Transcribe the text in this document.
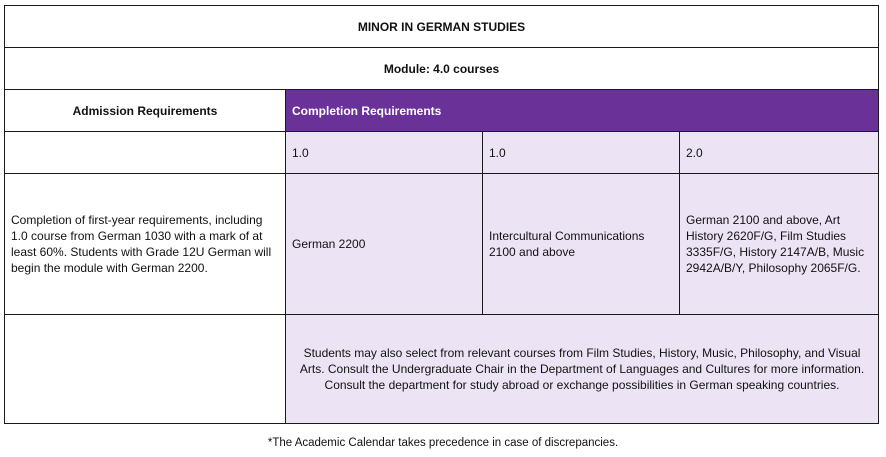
MINOR IN GERMAN STUDIES			
Module: 4.0 courses			
Admission Requirements	Completion Requirements		
	1.0	1.0	2.0
Completion of first-year requirements, including 1.0 course from German 1030 with a mark of at least 60%. Students with Grade 12U German will begin the module with German 2200.	German 2200	Intercultural Communications 2100 and above	German 2100 and above, Art History 2620F/G, Film Studies 3335F/G, History 2147A/B, Music 2942A/B/Y, Philosophy 2065F/G.

	Students may also select from relevant courses from Film Studies, History, Music, Philosophy, and Visual
Arts. Consult the Undergraduate Chair in the Department of Languages and Cultures for more information.
Consult the department for study abroad or exchange possibilities in German speaking countries.		
*The Academic Calendar takes precedence in case of discrepancies.
